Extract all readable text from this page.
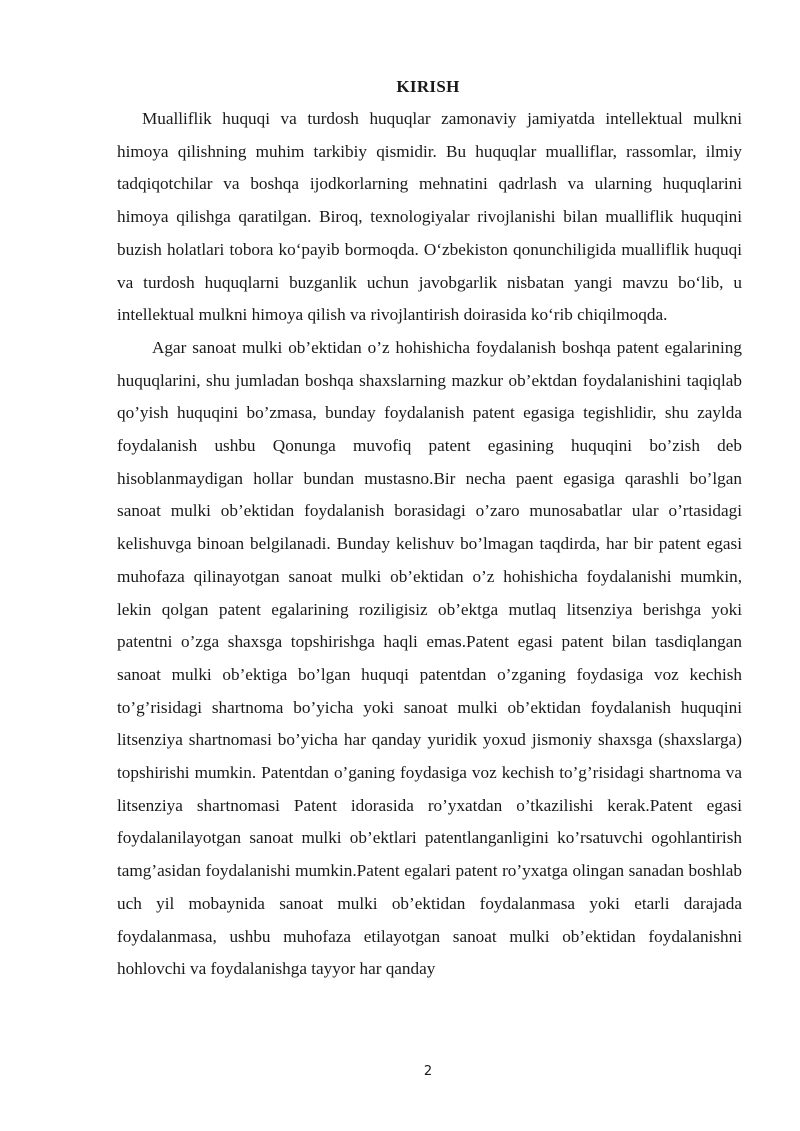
KIRISH

Mualliflik huquqi va turdosh huquqlar zamonaviy jamiyatda intellektual mulkni himoya qilishning muhim tarkibiy qismidir. Bu huquqlar mualliflar, rassomlar, ilmiy tadqiqotchilar va boshqa ijodkorlarning mehnatini qadrlash va ularning huquqlarini himoya qilishga qaratilgan. Biroq, texnologiyalar rivojlanishi bilan mualliflik huquqini buzish holatlari tobora ko‘payib bormoqda. O‘zbekiston qonunchiligida mualliflik huquqi va turdosh huquqlarni buzganlik uchun javobgarlik nisbatan yangi mavzu bo‘lib, u intellektual mulkni himoya qilish va rivojlantirish doirasida ko‘rib chiqilmoqda.

Agar sanoat mulki ob’ektidan o’z hohishicha foydalanish boshqa patent egalarining huquqlarini, shu jumladan boshqa shaxslarning mazkur ob’ektdan foydalanishini taqiqlab qo’yish huquqini bo’zmasa, bunday foydalanish patent egasiga tegishlidir, shu zaylda foydalanish ushbu Qonunga muvofiq patent egasining huquqini bo’zish deb hisoblanmaydigan hollar bundan mustasno.Bir necha paent egasiga qarashli bo’lgan sanoat mulki ob’ektidan foydalanish borasidagi o’zaro munosabatlar ular o’rtasidagi kelishuvga binoan belgilanadi. Bunday kelishuv bo’lmagan taqdirda, har bir patent egasi muhofaza qilinayotgan sanoat mulki ob’ektidan o’z hohishicha foydalanishi mumkin, lekin qolgan patent egalarining roziligisiz ob’ektga mutlaq litsenziya berishga yoki patentni o’zga shaxsga topshirishga haqli emas.Patent egasi patent bilan tasdiqlangan sanoat mulki ob’ektiga bo’lgan huquqi patentdan o’zganing foydasiga voz kechish to’g’risidagi shartnoma bo’yicha yoki sanoat mulki ob’ektidan foydalanish huquqini litsenziya shartnomasi bo’yicha har qanday yuridik yoxud jismoniy shaxsga (shaxslarga) topshirishi mumkin. Patentdan o’ganing foydasiga voz kechish to’g’risidagi shartnoma va litsenziya shartnomasi Patent idorasida ro’yxatdan o’tkazilishi kerak.Patent egasi foydalanilayotgan sanoat mulki ob’ektlari patentlanganligini ko’rsatuvchi ogohlantirish tamg’asidan foydalanishi mumkin.Patent egalari patent ro’yxatga olingan sanadan boshlab uch yil mobaynida sanoat mulki ob’ektidan foydalanmasa yoki etarli darajada foydalanmasa, ushbu muhofaza etilayotgan sanoat mulki ob’ektidan foydalanishni hohlovchi va foydalanishga tayyor har qanday

2
